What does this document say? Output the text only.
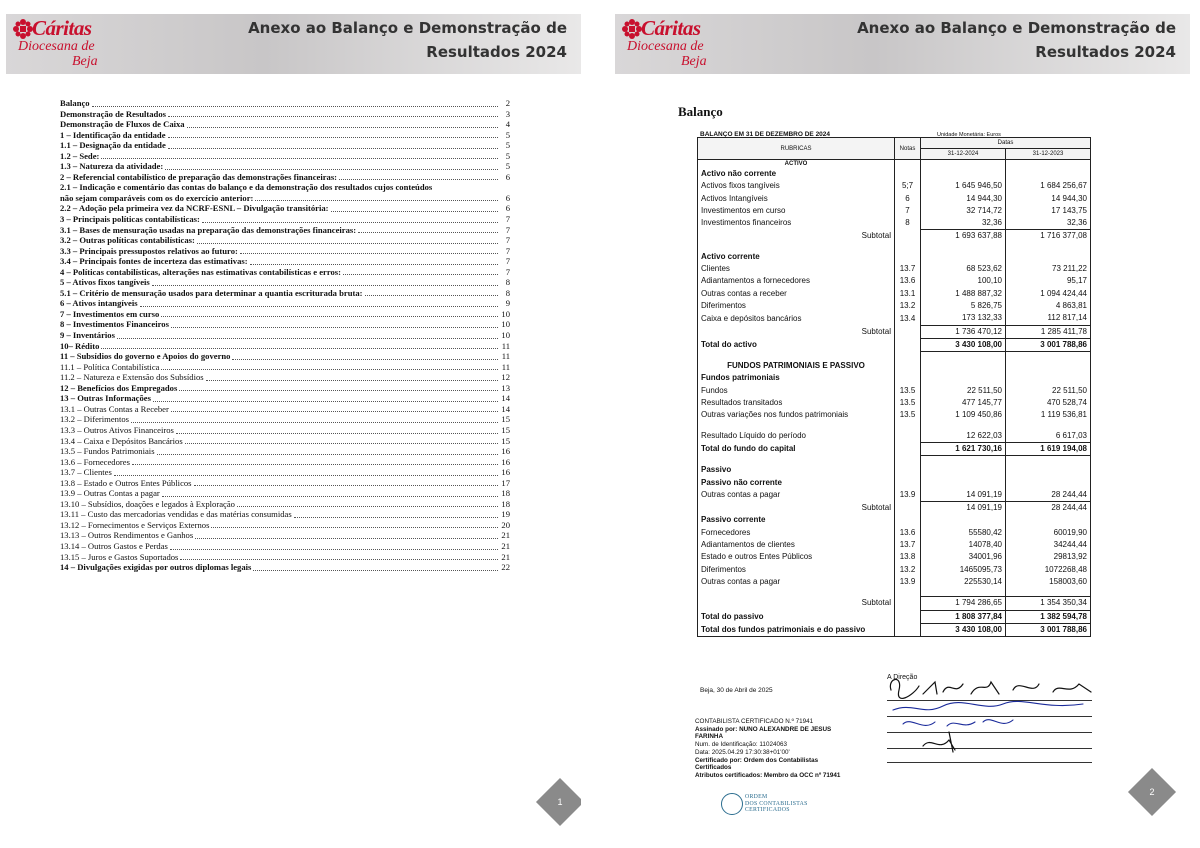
Cáritas
Diocesana de
Beja
Anexo ao Balanço e Demonstração de
Resultados 2024
Balanço	2
Demonstração de Resultados	3
Demonstração de Fluxos de Caixa	4
1 – Identificação da entidade	5
1.1 – Designação da entidade	5
1.2 – Sede:	5
1.3 – Natureza da atividade:	5
2 – Referencial contabilístico de preparação das demonstrações financeiras:	6
2.1 – Indicação e comentário das contas do balanço e da demonstração dos resultados cujos conteúdos
não sejam comparáveis com os do exercício anterior:	6
2.2 – Adoção pela primeira vez da NCRF-ESNL – Divulgação transitória:	6
3 – Principais políticas contabilísticas:	7
3.1 – Bases de mensuração usadas na preparação das demonstrações financeiras:	7
3.2 – Outras políticas contabilísticas:	7
3.3 – Principais pressupostos relativos ao futuro:	7
3.4 – Principais fontes de incerteza das estimativas:	7
4 – Políticas contabilísticas, alterações nas estimativas contabilísticas e erros:	7
5 – Ativos fixos tangíveis	8
5.1 – Critério de mensuração usados para determinar a quantia escriturada bruta:	8
6 – Ativos intangíveis	9
7 – Investimentos em curso	10
8 – Investimentos Financeiros	10
9 – Inventários	10
10– Rédito	11
11 – Subsídios do governo e Apoios do governo	11
11.1 – Política Contabilística	11
11.2 – Natureza e Extensão dos Subsídios	12
12 – Benefícios dos Empregados	13
13 – Outras Informações	14
13.1 – Outras Contas a Receber	14
13.2 – Diferimentos	15
13.3 – Outros Ativos Financeiros	15
13.4 – Caixa e Depósitos Bancários	15
13.5 – Fundos Patrimoniais	16
13.6 – Fornecedores	16
13.7 – Clientes	16
13.8 – Estado e Outros Entes Públicos	17
13.9 – Outras Contas a pagar	18
13.10 – Subsídios, doações e legados à Exploração	18
13.11 – Custo das mercadorias vendidas e das matérias consumidas	19
13.12 – Fornecimentos e Serviços Externos	20
13.13 – Outros Rendimentos e Ganhos	21
13.14 – Outros Gastos e Perdas	21
13.15 – Juros e Gastos Suportados	21
14 – Divulgações exigidas por outros diplomas legais	22
1
Cáritas
Diocesana de
Beja
Anexo ao Balanço e Demonstração de
Resultados 2024
Balanço
BALANÇO EM 31 DE DEZEMBRO DE 2024	Unidade Monetária: Euros
RUBRICAS	Notas	Datas	
		31-12-2024	31-12-2023
ACTIVO			
Activo não corrente			
Activos fixos tangíveis	5;7	1 645 946,50	1 684 256,67
Activos Intangíveis	6	14 944,30	14 944,30
Investimentos em curso	7	32 714,72	17 143,75
Investimentos financeiros	8	32,36	32,36
Subtotal		1 693 637,88	1 716 377,08

Activo corrente			
Clientes	13.7	68 523,62	73 211,22
Adiantamentos a fornecedores	13.6	100,10	95,17
Outras contas a receber	13.1	1 488 887,32	1 094 424,44
Diferimentos	13.2	5 826,75	4 863,81
Caixa e depósitos bancários	13.4	173 132,33	112 817,14
Subtotal		1 736 470,12	1 285 411,78
Total do activo		3 430 108,00	3 001 788,86

FUNDOS PATRIMONIAIS E PASSIVO			
Fundos patrimoniais			
Fundos	13.5	22 511,50	22 511,50
Resultados transitados	13.5	477 145,77	470 528,74
Outras variações nos fundos patrimoniais	13.5	1 109 450,86	1 119 536,81

Resultado Líquido do período		12 622,03	6 617,03
Total do fundo do capital		1 621 730,16	1 619 194,08

Passivo			
Passivo não corrente			
Outras contas a pagar	13.9	14 091,19	28 244,44
Subtotal		14 091,19	28 244,44
Passivo corrente			
Fornecedores	13.6	55580,42	60019,90
Adiantamentos de clientes	13.7	14078,40	34244,44
Estado e outros Entes Públicos	13.8	34001,96	29813,92
Diferimentos	13.2	1465095,73	1072268,48
Outras contas a pagar	13.9	225530,14	158003,60

Subtotal		1 794 286,65	1 354 350,34
Total do passivo		1 808 377,84	1 382 594,78
Total dos fundos patrimoniais e do passivo		3 430 108,00	3 001 788,86
Beja, 30 de Abril de 2025
A Direção
CONTABILISTA CERTIFICADO N.º 71941
Assinado por: NUNO ALEXANDRE DE JESUS
FARINHA
Num. de Identificação: 11024063
Data: 2025.04.29 17:30:38+01'00'
Certificado por: Ordem dos Contabilistas
Certificados
Atributos certificados: Membro da OCC nº 71941
ORDEM
DOS CONTABILISTAS
CERTIFICADOS
2
